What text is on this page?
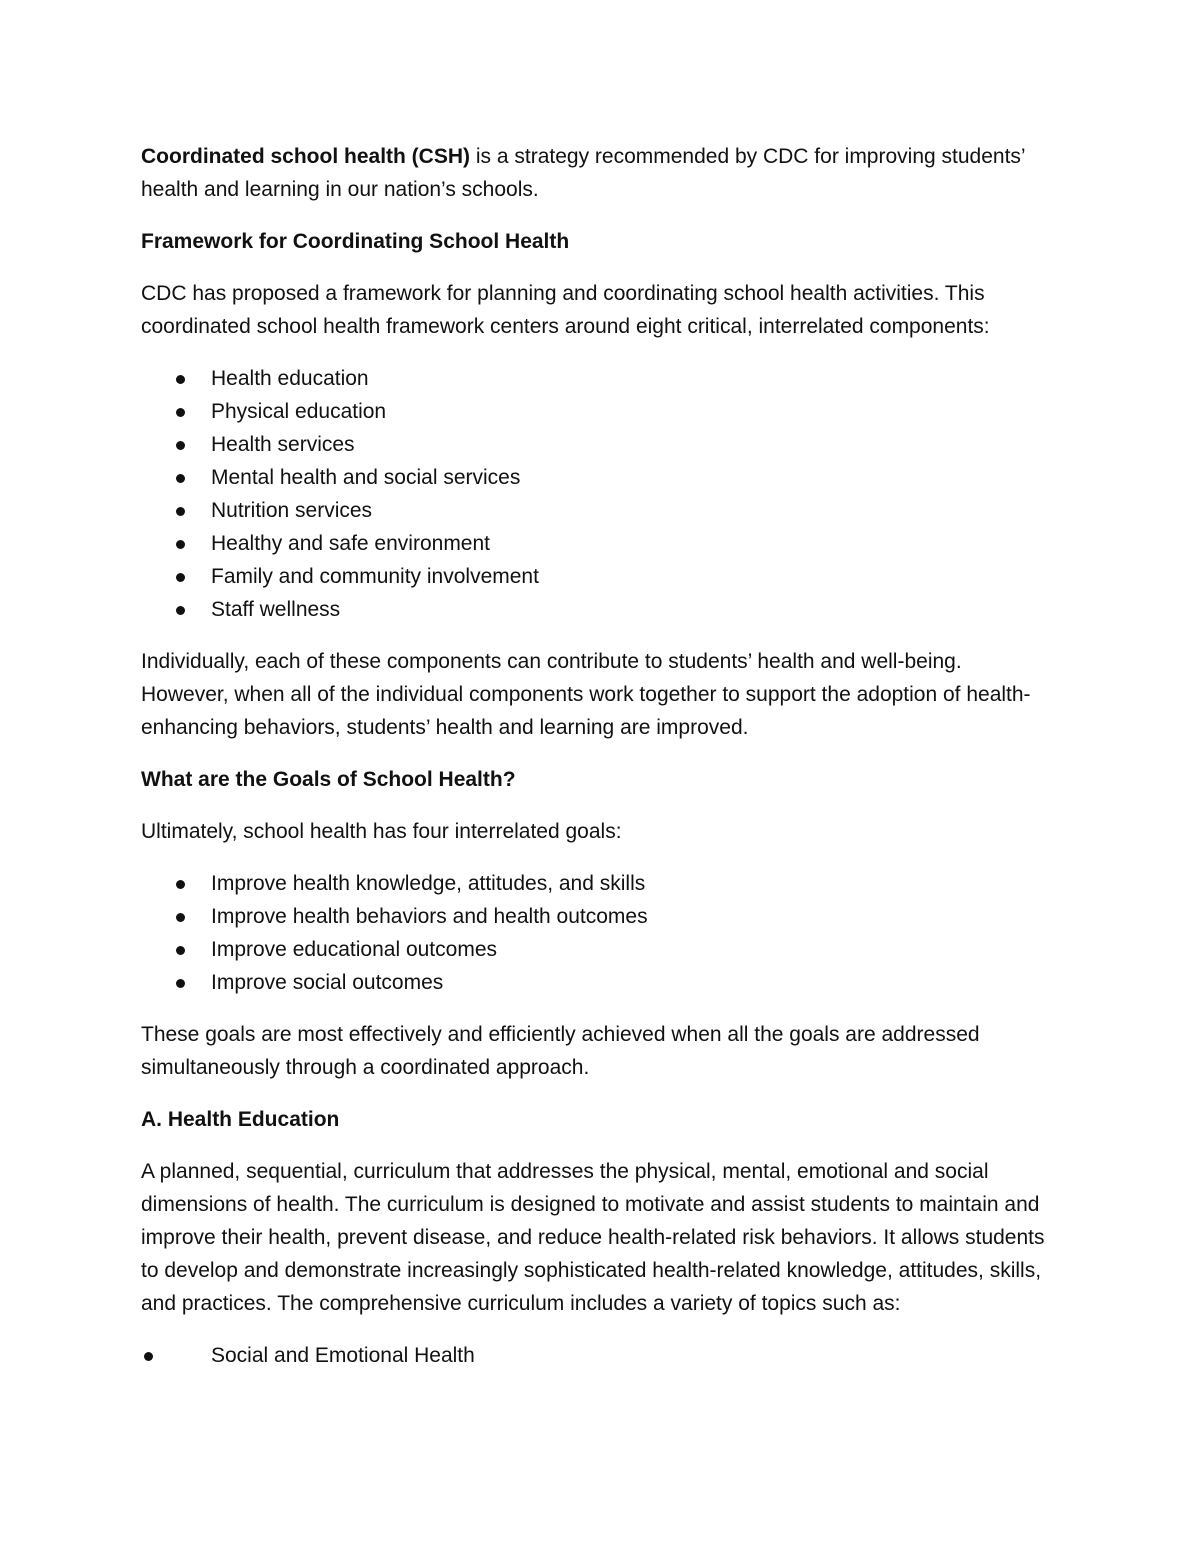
Coordinated school health (CSH) is a strategy recommended by CDC for improving students’ health and learning in our nation’s schools.

Framework for Coordinating School Health

CDC has proposed a framework for planning and coordinating school health activities. This coordinated school health framework centers around eight critical, interrelated components:

Health education
Physical education
Health services
Mental health and social services
Nutrition services
Healthy and safe environment
Family and community involvement
Staff wellness

Individually, each of these components can contribute to students’ health and well-being. However, when all of the individual components work together to support the adoption of health-enhancing behaviors, students’ health and learning are improved.

What are the Goals of School Health?

Ultimately, school health has four interrelated goals:

Improve health knowledge, attitudes, and skills
Improve health behaviors and health outcomes
Improve educational outcomes
Improve social outcomes

These goals are most effectively and efficiently achieved when all the goals are addressed simultaneously through a coordinated approach.

A. Health Education

A planned, sequential, curriculum that addresses the physical, mental, emotional and social dimensions of health. The curriculum is designed to motivate and assist students to maintain and improve their health, prevent disease, and reduce health-related risk behaviors. It allows students to develop and demonstrate increasingly sophisticated health-related knowledge, attitudes, skills, and practices. The comprehensive curriculum includes a variety of topics such as:

Social and Emotional Health
